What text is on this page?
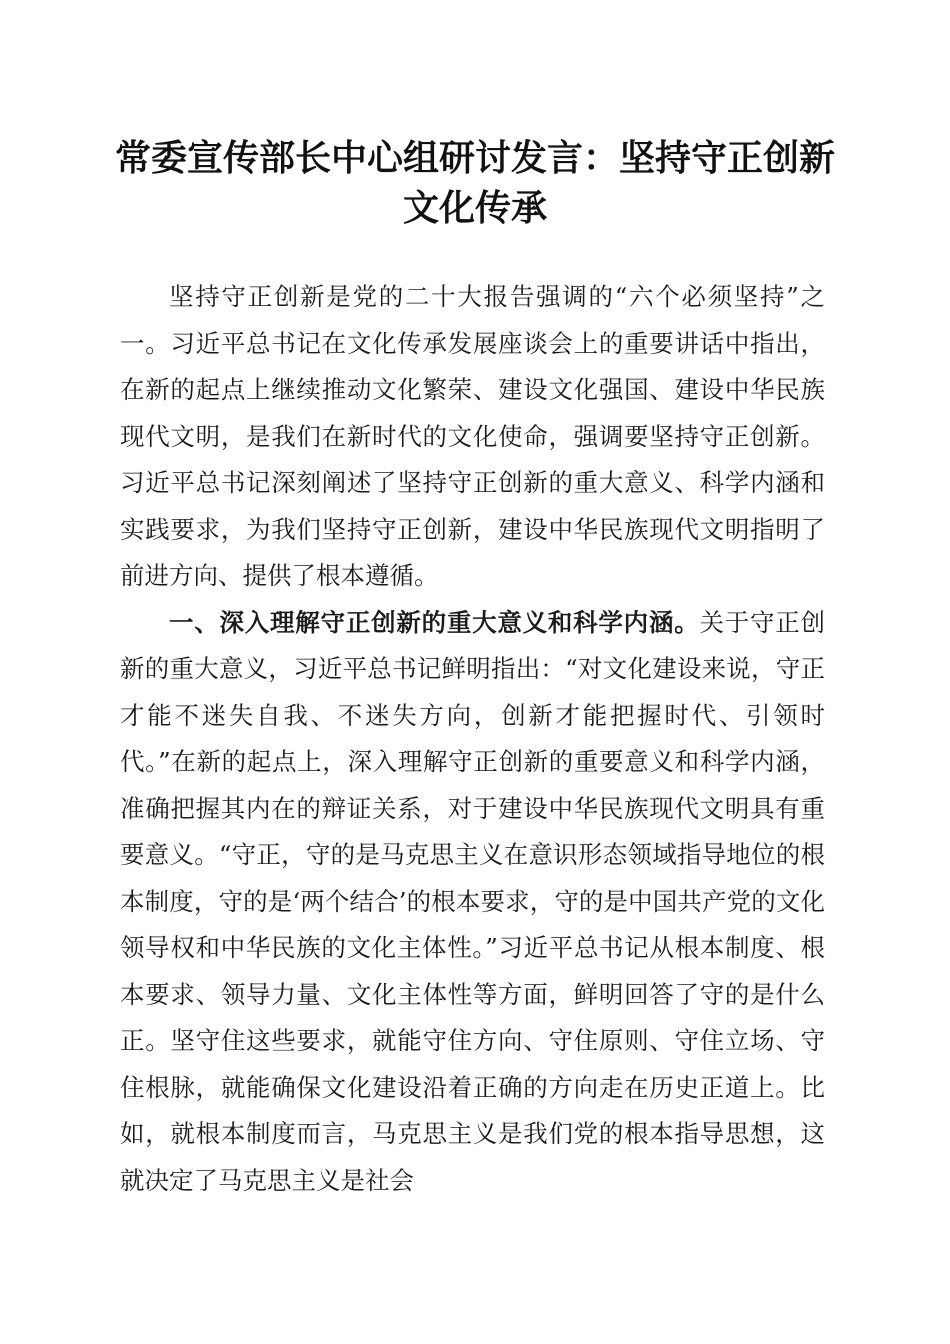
常委宣传部长中心组研讨发言：坚持守正创新
文化传承

坚持守正创新是党的二十大报告强调的“六个必须坚持”之一。习近平总书记在文化传承发展座谈会上的重要讲话中指出，在新的起点上继续推动文化繁荣、建设文化强国、建设中华民族现代文明，是我们在新时代的文化使命，强调要坚持守正创新。习近平总书记深刻阐述了坚持守正创新的重大意义、科学内涵和实践要求，为我们坚持守正创新，建设中华民族现代文明指明了前进方向、提供了根本遵循。

一、深入理解守正创新的重大意义和科学内涵。关于守正创新的重大意义，习近平总书记鲜明指出：“对文化建设来说，守正才能不迷失自我、不迷失方向，创新才能把握时代、引领时代。”在新的起点上，深入理解守正创新的重要意义和科学内涵，准确把握其内在的辩证关系，对于建设中华民族现代文明具有重要意义。“守正，守的是马克思主义在意识形态领域指导地位的根本制度，守的是‘两个结合’的根本要求，守的是中国共产党的文化领导权和中华民族的文化主体性。”习近平总书记从根本制度、根本要求、领导力量、文化主体性等方面，鲜明回答了守的是什么正。坚守住这些要求，就能守住方向、守住原则、守住立场、守住根脉，就能确保文化建设沿着正确的方向走在历史正道上。比如，就根本制度而言，马克思主义是我们党的根本指导思想，这就决定了马克思主义是社会
